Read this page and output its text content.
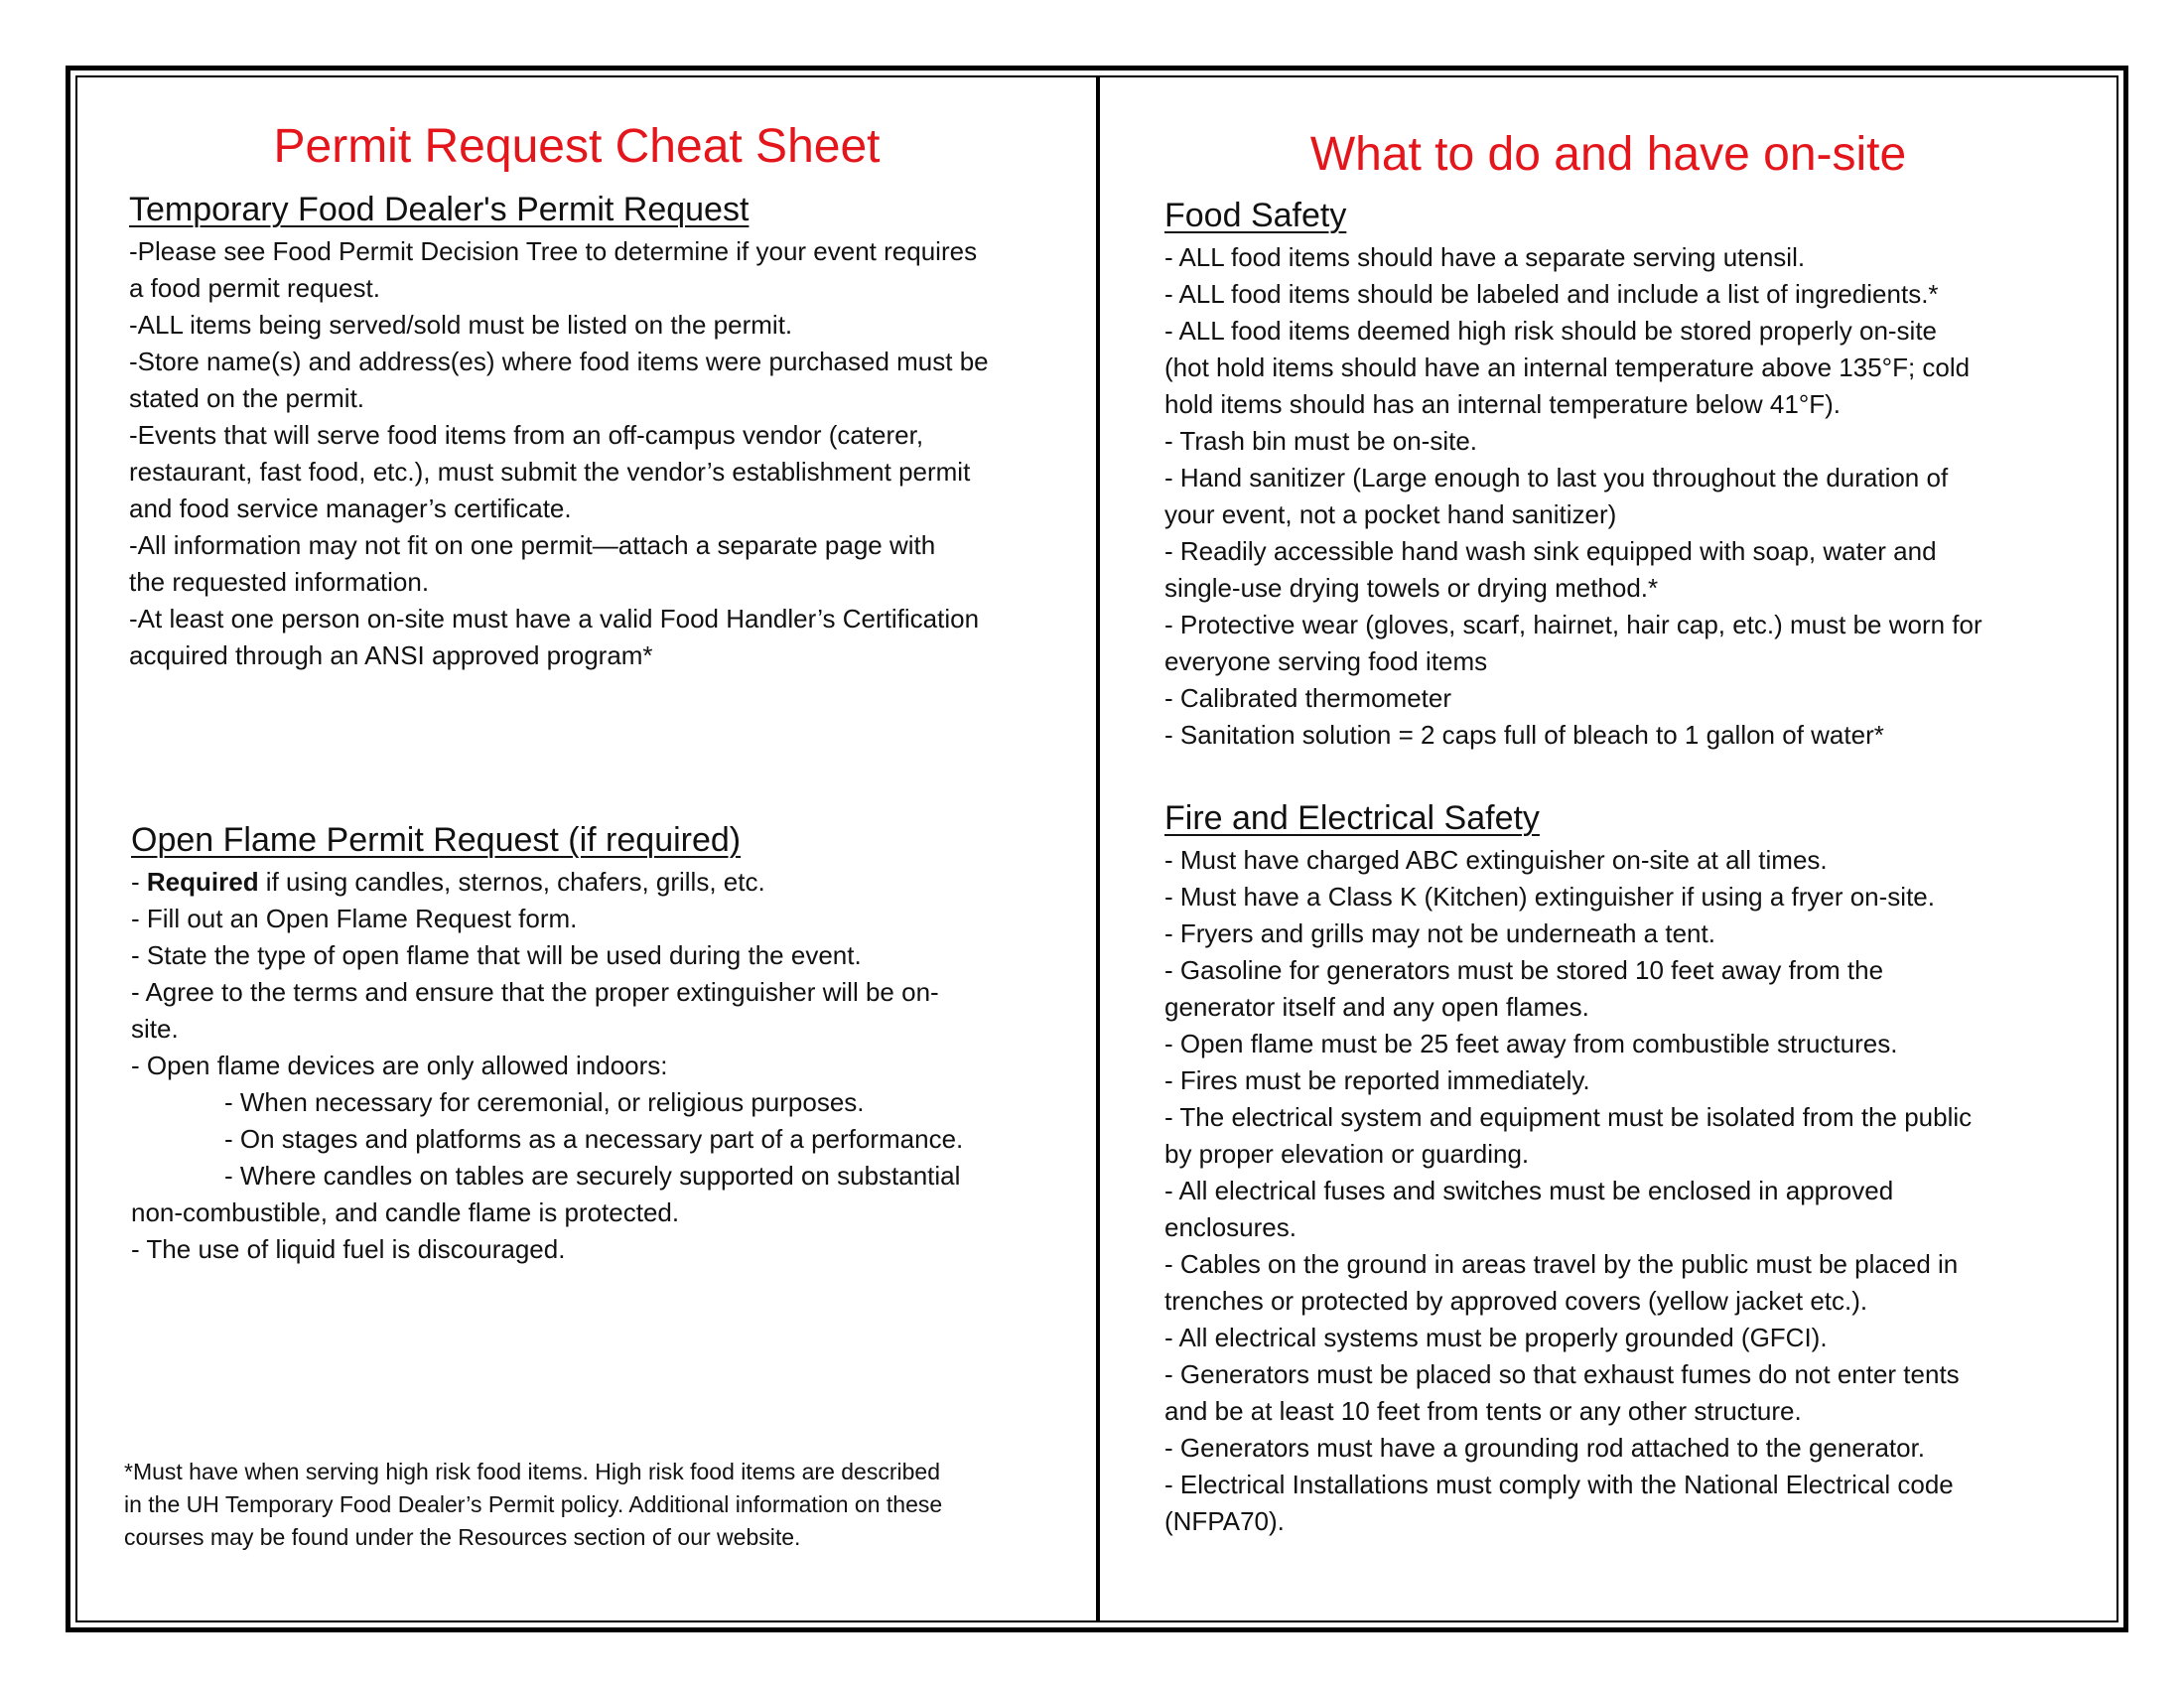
Permit Request Cheat Sheet
Temporary Food Dealer's Permit Request

-Please see Food Permit Decision Tree to determine if your event requires

a food permit request.

-ALL items being served/sold must be listed on the permit.

-Store name(s) and address(es) where food items were purchased must be

stated on the permit.

-Events that will serve food items from an off-campus vendor (caterer,

restaurant, fast food, etc.), must submit the vendor’s establishment permit

and food service manager’s certificate.

-All information may not fit on one permit—attach a separate page with

the requested information.

-At least one person on-site must have a valid Food Handler’s Certification

acquired through an ANSI approved program*

Open Flame Permit Request (if required)

- Required if using candles, sternos, chafers, grills, etc.

- Fill out an Open Flame Request form.

- State the type of open flame that will be used during the event.

- Agree to the terms and ensure that the proper extinguisher will be on-

site.

- Open flame devices are only allowed indoors:

- When necessary for ceremonial, or religious purposes.

- On stages and platforms as a necessary part of a performance.

- Where candles on tables are securely supported on substantial

non-combustible, and candle flame is protected.

- The use of liquid fuel is discouraged.

*Must have when serving high risk food items. High risk food items are described
in the UH Temporary Food Dealer’s Permit policy. Additional information on these
courses may be found under the Resources section of our website.
What to do and have on-site
Food Safety

- ALL food items should have a separate serving utensil.

- ALL food items should be labeled and include a list of ingredients.*

- ALL food items deemed high risk should be stored properly on-site

(hot hold items should have an internal temperature above 135°F; cold

hold items should has an internal temperature below 41°F).

- Trash bin must be on-site.

- Hand sanitizer (Large enough to last you throughout the duration of

your event, not a pocket hand sanitizer)

- Readily accessible hand wash sink equipped with soap, water and

single-use drying towels or drying method.*

- Protective wear (gloves, scarf, hairnet, hair cap, etc.) must be worn for

everyone serving food items

- Calibrated thermometer

- Sanitation solution = 2 caps full of bleach to 1 gallon of water*

Fire and Electrical Safety

- Must have charged ABC extinguisher on-site at all times.

- Must have a Class K (Kitchen) extinguisher if using a fryer on-site.

- Fryers and grills may not be underneath a tent.

- Gasoline for generators must be stored 10 feet away from the

generator itself and any open flames.

- Open flame must be 25 feet away from combustible structures.

- Fires must be reported immediately.

- The electrical system and equipment must be isolated from the public

by proper elevation or guarding.

- All electrical fuses and switches must be enclosed in approved

enclosures.

- Cables on the ground in areas travel by the public must be placed in

trenches or protected by approved covers (yellow jacket etc.).

- All electrical systems must be properly grounded (GFCI).

- Generators must be placed so that exhaust fumes do not enter tents

and be at least 10 feet from tents or any other structure.

- Generators must have a grounding rod attached to the generator.

- Electrical Installations must comply with the National Electrical code

(NFPA70).
